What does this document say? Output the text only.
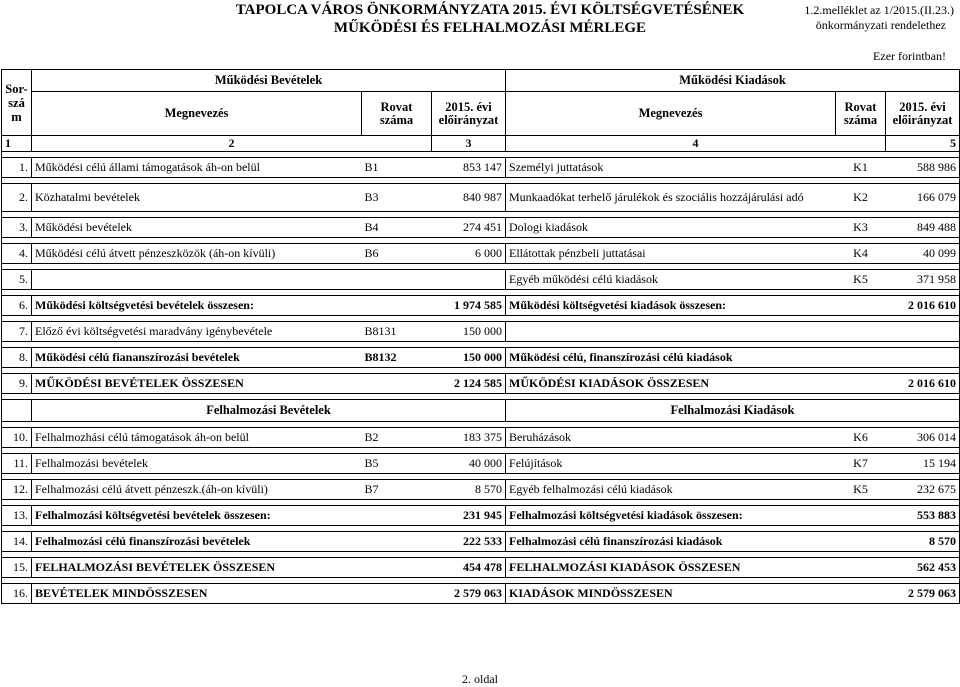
TAPOLCA VÁROS ÖNKORMÁNYZATA 2015. ÉVI KÖLTSÉGVETÉSÉNEK
MŰKÖDÉSI ÉS FELHALMOZÁSI MÉRLEGE
1.2.melléklet az 1/2015.(II.23.)
önkormányzati rendelethez
Ezer forintban!
Sor-szá m	Működési Bevételek			Működési Kiadások		
	Megnevezés	Rovat száma	2015. évi előirányzat	Megnevezés	Rovat száma	2015. évi előirányzat
1	2		3	4		5

1.	Működési célú állami támogatások áh-on belül	B1	853 147	Személyi juttatások	K1	588 986

2.	Közhatalmi bevételek	B3	840 987	Munkaadókat terhelő járulékok és szociális hozzájárulási adó	K2	166 079

3.	Működési bevételek	B4	274 451	Dologi kiadások	K3	849 488

4.	Működési célú átvett pénzeszközök (áh-on kívüli)	B6	6 000	Ellátottak pénzbeli juttatásai	K4	40 099

5.				Egyéb működési célú kiadások	K5	371 958

6.	Működési költségvetési bevételek összesen:		1 974 585	Működési költségvetési kiadások összesen:		2 016 610

7.	Előző évi költségvetési maradvány igénybevétele	B8131	150 000			

8.	Működési célú fiananszírozási bevételek	B8132	150 000	Működési célú, finanszírozási célú kiadások		

9.	MŰKÖDÉSI BEVÉTELEK ÖSSZESEN		2 124 585	MŰKÖDÉSI KIADÁSOK ÖSSZESEN		2 016 610

	Felhalmozási Bevételek			Felhalmozási Kiadások		

10.	Felhalmozhási célú támogatások áh-on belül	B2	183 375	Beruházások	K6	306 014

11.	Felhalmozási bevételek	B5	40 000	Felújítások	K7	15 194

12.	Felhalmozási célú átvett pénzeszk.(áh-on kívüli)	B7	8 570	Egyéb felhalmozási célú kiadások	K5	232 675

13.	Felhalmozási költségvetési bevételek összesen:		231 945	Felhalmozási költségvetési kiadások összesen:		553 883

14.	Felhalmozási célú finanszírozási bevételek		222 533	Felhalmozási célú finanszírozási kiadások		8 570

15.	FELHALMOZÁSI BEVÉTELEK ÖSSZESEN		454 478	FELHALMOZÁSI KIADÁSOK ÖSSZESEN		562 453

16.	BEVÉTELEK MINDÖSSZESEN		2 579 063	KIADÁSOK MINDÖSSZESEN		2 579 063
2. oldal
